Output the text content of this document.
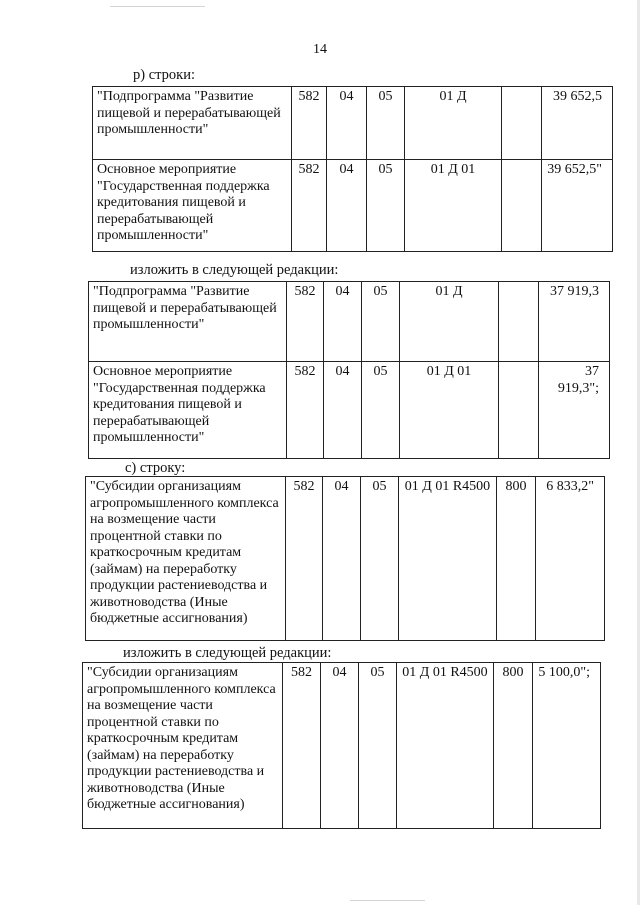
14
р) строки:
"Подпрограмма "Развитие пищевой и перерабатывающей промышленности"	582	04	05	01 Д		39 652,5
Основное мероприятие "Государственная поддержка кредитования пищевой и перерабатывающей промышленности"	582	04	05	01 Д 01		39 652,5"
изложить в следующей редакции:
"Подпрограмма "Развитие пищевой и перерабатывающей промышленности"	582	04	05	01 Д		37 919,3
Основное мероприятие "Государственная поддержка кредитования пищевой и перерабатывающей промышленности"	582	04	05	01 Д 01		37 919,3";
с) строку:
"Субсидии организациям агропромышленного комплекса на возмещение части процентной ставки по краткосрочным кредитам (займам) на переработку продукции растениеводства и животноводства (Иные бюджетные ассигнования)	582	04	05	01 Д 01 R4500	800	6 833,2"
изложить в следующей редакции:
"Субсидии организациям агропромышленного комплекса на возмещение части процентной ставки по краткосрочным кредитам (займам) на переработку продукции растениеводства и животноводства (Иные бюджетные ассигнования)	582	04	05	01 Д 01 R4500	800	5 100,0";
